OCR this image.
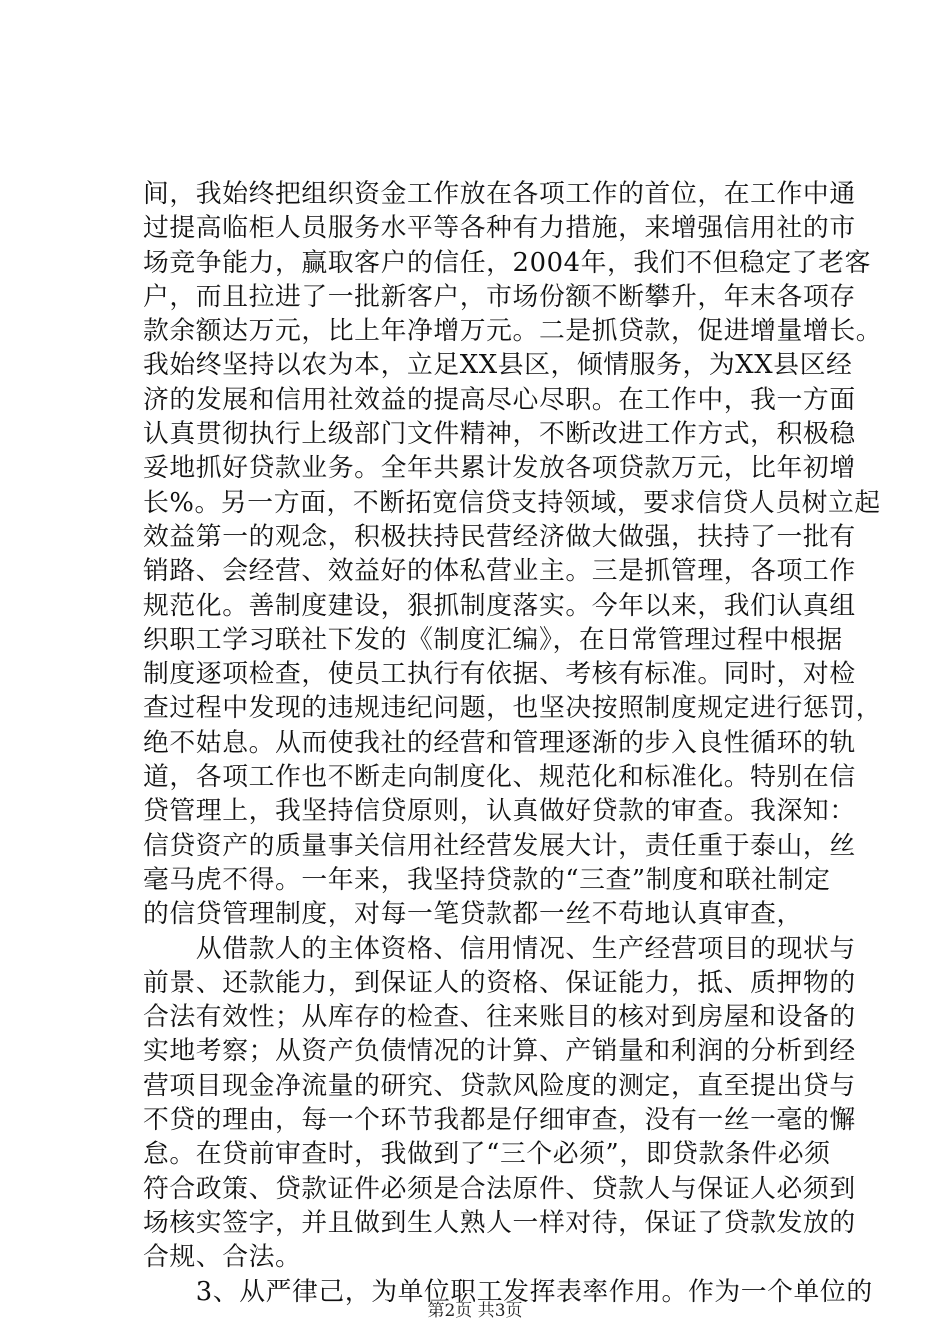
间，我始终把组织资金工作放在各项工作的首位，在工作中通
过提高临柜人员服务水平等各种有力措施，来增强信用社的市
场竞争能力，赢取客户的信任，2004年，我们不但稳定了老客
户，而且拉进了一批新客户，市场份额不断攀升，年末各项存
款余额达万元，比上年净增万元。二是抓贷款，促进增量增长。
我始终坚持以农为本，立足XX县区，倾情服务，为XX县区经
济的发展和信用社效益的提高尽心尽职。在工作中，我一方面
认真贯彻执行上级部门文件精神，不断改进工作方式，积极稳
妥地抓好贷款业务。全年共累计发放各项贷款万元，比年初增
长%。另一方面，不断拓宽信贷支持领域，要求信贷人员树立起
效益第一的观念，积极扶持民营经济做大做强，扶持了一批有
销路、会经营、效益好的体私营业主。三是抓管理，各项工作
规范化。善制度建设，狠抓制度落实。今年以来，我们认真组
织职工学习联社下发的《制度汇编》，在日常管理过程中根据
制度逐项检查，使员工执行有依据、考核有标准。同时，对检
查过程中发现的违规违纪问题，也坚决按照制度规定进行惩罚，
绝不姑息。从而使我社的经营和管理逐渐的步入良性循环的轨
道，各项工作也不断走向制度化、规范化和标准化。特别在信
贷管理上，我坚持信贷原则，认真做好贷款的审查。我深知：
信贷资产的质量事关信用社经营发展大计，责任重于泰山，丝
毫马虎不得。一年来，我坚持贷款的“三查”制度和联社制定
的信贷管理制度，对每一笔贷款都一丝不苟地认真审查，
　　从借款人的主体资格、信用情况、生产经营项目的现状与
前景、还款能力，到保证人的资格、保证能力，抵、质押物的
合法有效性；从库存的检查、往来账目的核对到房屋和设备的
实地考察；从资产负债情况的计算、产销量和利润的分析到经
营项目现金净流量的研究、贷款风险度的测定，直至提出贷与
不贷的理由，每一个环节我都是仔细审查，没有一丝一毫的懈
怠。在贷前审查时，我做到了“三个必须”，即贷款条件必须
符合政策、贷款证件必须是合法原件、贷款人与保证人必须到
场核实签字，并且做到生人熟人一样对待，保证了贷款发放的
合规、合法。
　　3、从严律己，为单位职工发挥表率作用。作为一个单位的
第2页 共3页
